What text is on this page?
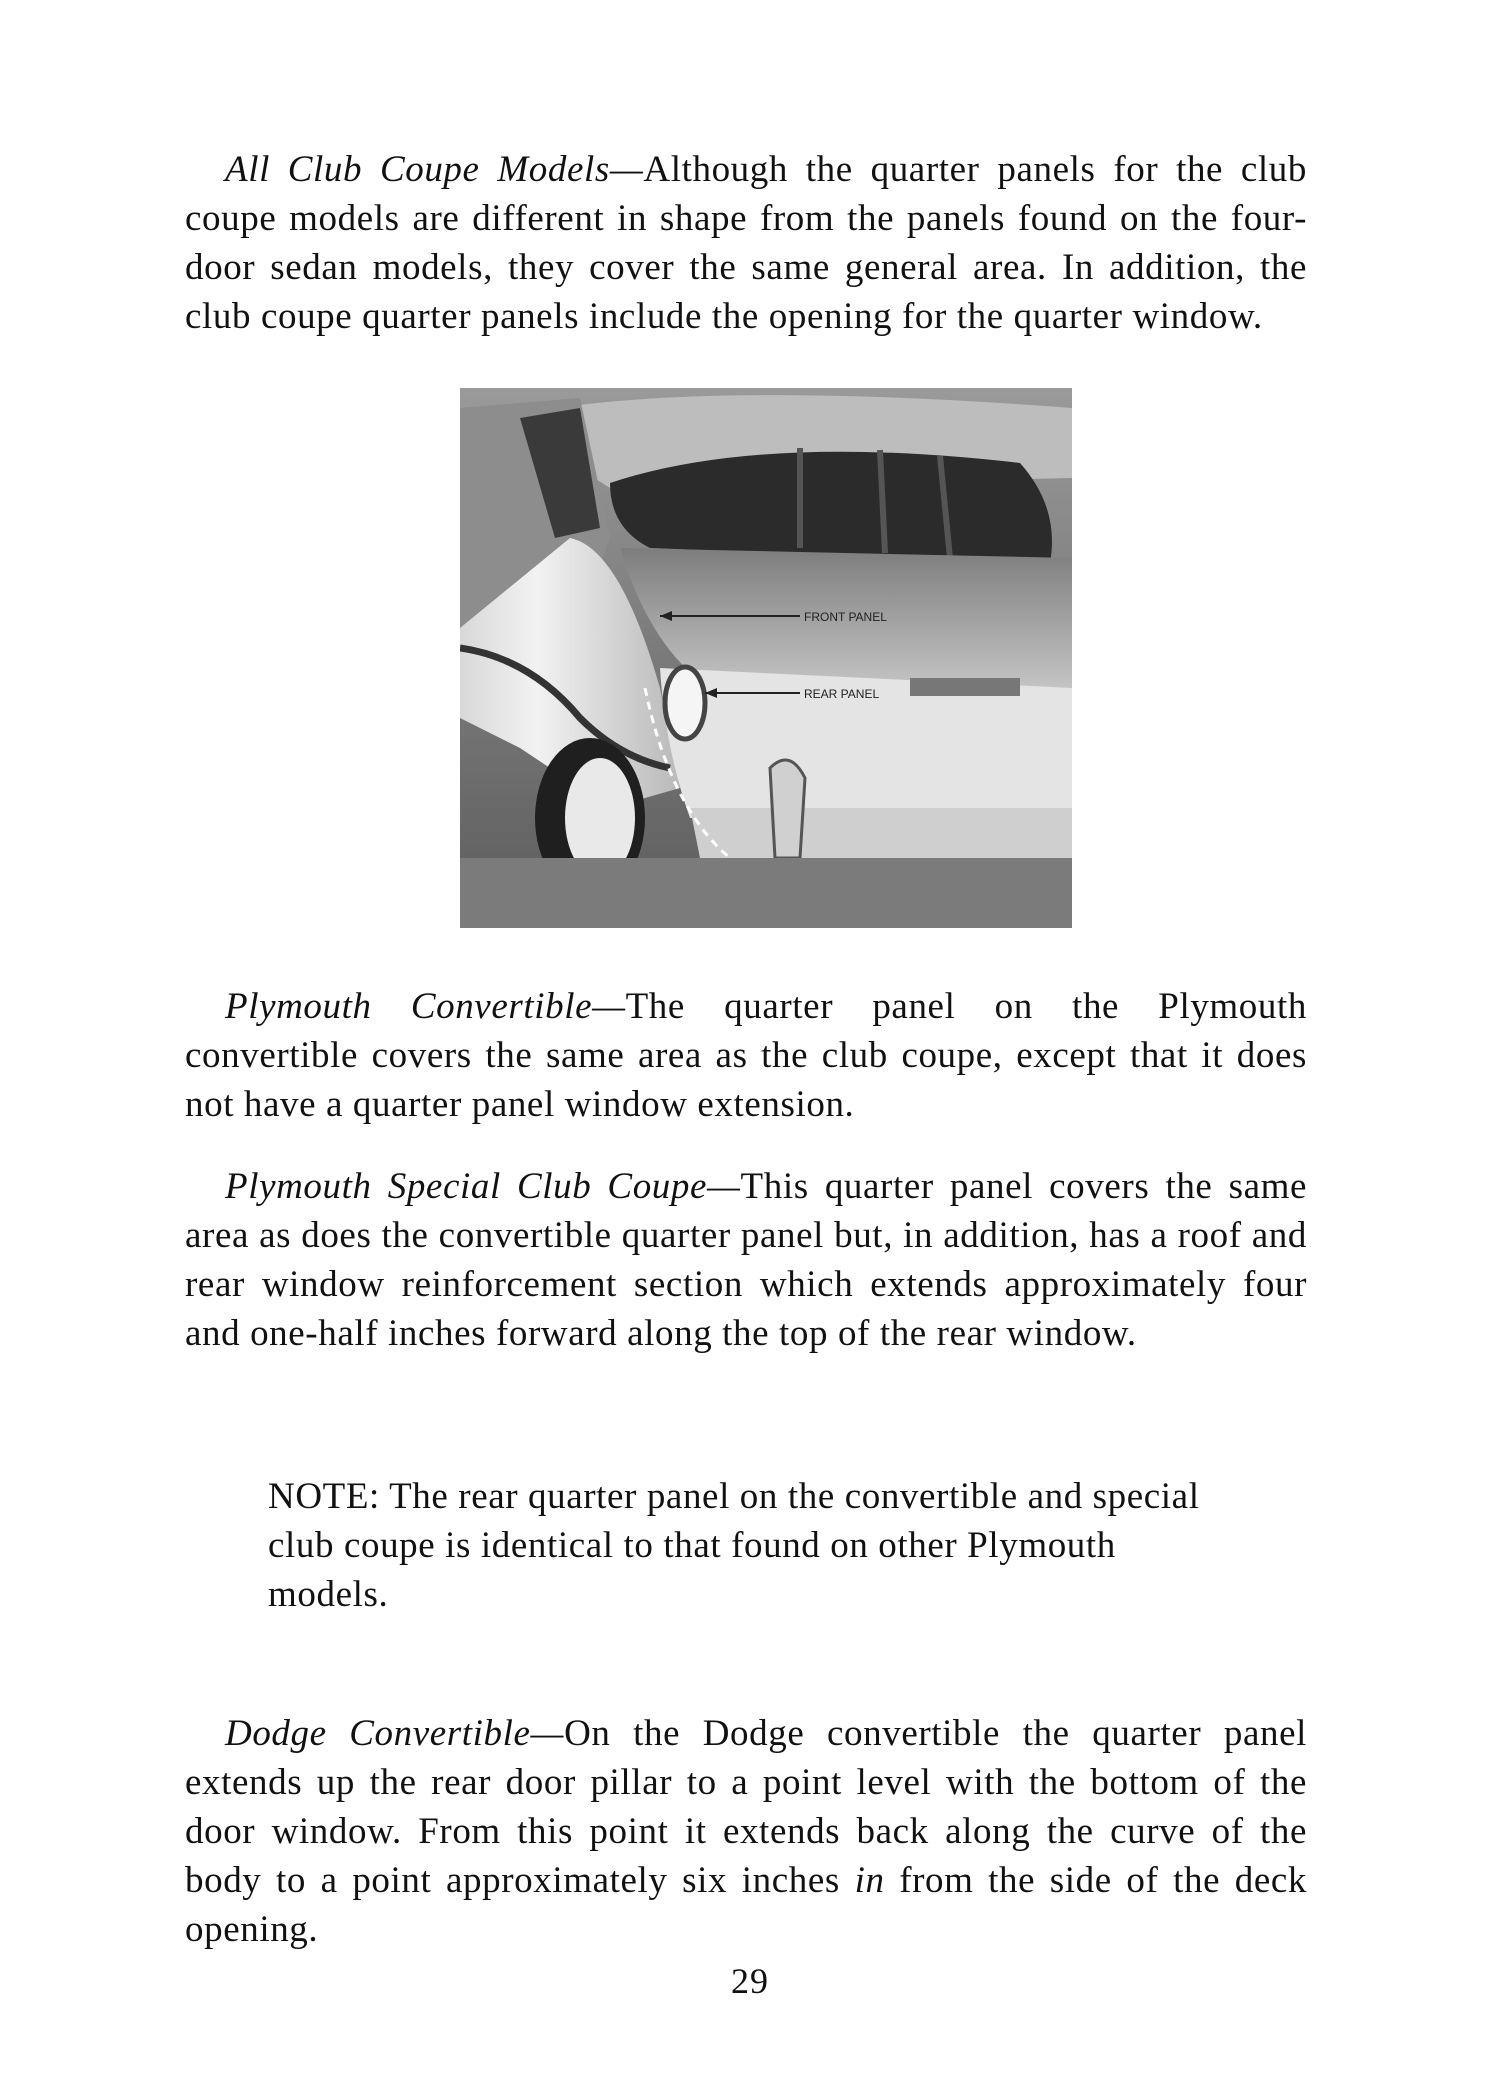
All Club Coupe Models—Although the quarter panels for the club coupe models are different in shape from the panels found on the four-door sedan models, they cover the same general area. In addition, the club coupe quarter panels include the opening for the quarter window.

FRONT PANEL
REAR PANEL

Plymouth Convertible—The quarter panel on the Plymouth convertible covers the same area as the club coupe, except that it does not have a quarter panel window extension.

Plymouth Special Club Coupe—This quarter panel covers the same area as does the convertible quarter panel but, in addition, has a roof and rear window reinforcement section which extends approximately four and one-half inches forward along the top of the rear window.

NOTE: The rear quarter panel on the convertible and special club coupe is identical to that found on other Plymouth models.

Dodge Convertible—On the Dodge convertible the quarter panel extends up the rear door pillar to a point level with the bottom of the door window. From this point it extends back along the curve of the body to a point approximately six inches in from the side of the deck opening.

29
